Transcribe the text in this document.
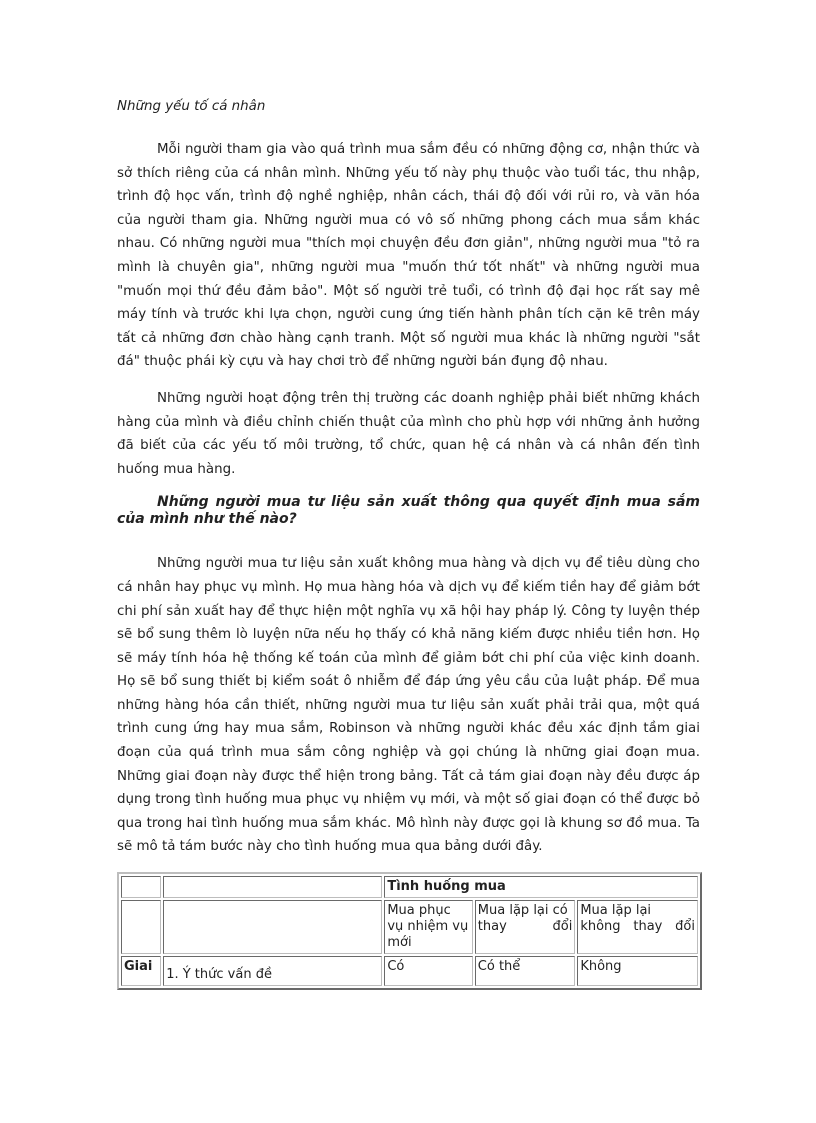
Những yếu tố cá nhân

Mỗi người tham gia vào quá trình mua sắm đều có những động cơ, nhận thức và sở thích riêng của cá nhân mình. Những yếu tố này phụ thuộc vào tuổi tác, thu nhập, trình độ học vấn, trình độ nghề nghiệp, nhân cách, thái độ đối với rủi ro, và văn hóa của người tham gia. Những người mua có vô số những phong cách mua sắm khác nhau. Có những người mua "thích mọi chuyện đều đơn giản", những người mua "tỏ ra mình là chuyên gia", những người mua "muốn thứ tốt nhất" và những người mua "muốn mọi thứ đều đảm bảo". Một số người trẻ tuổi, có trình độ đại học rất say mê máy tính và trước khi lựa chọn, người cung ứng tiến hành phân tích cặn kẽ trên máy tất cả những đơn chào hàng cạnh tranh. Một số người mua khác là những người "sắt đá" thuộc phái kỳ cựu và hay chơi trò để những người bán đụng độ nhau.

Những người hoạt động trên thị trường các doanh nghiệp phải biết những khách hàng của mình và điều chỉnh chiến thuật của mình cho phù hợp với những ảnh hưởng đã biết của các yếu tố môi trường, tổ chức, quan hệ cá nhân và cá nhân đến tình huống mua hàng.

Những người mua tư liệu sản xuất thông qua quyết định mua sắm của mình như thế nào?

Những người mua tư liệu sản xuất không mua hàng và dịch vụ để tiêu dùng cho cá nhân hay phục vụ mình. Họ mua hàng hóa và dịch vụ để kiếm tiền hay để giảm bớt chi phí sản xuất hay để thực hiện một nghĩa vụ xã hội hay pháp lý. Công ty luyện thép sẽ bổ sung thêm lò luyện nữa nếu họ thấy có khả năng kiếm được nhiều tiền hơn. Họ sẽ máy tính hóa hệ thống kế toán của mình để giảm bớt chi phí của việc kinh doanh. Họ sẽ bổ sung thiết bị kiểm soát ô nhiễm để đáp ứng yêu cầu của luật pháp. Để mua những hàng hóa cần thiết, những người mua tư liệu sản xuất phải trải qua, một quá trình cung ứng hay mua sắm, Robinson và những người khác đều xác định tầm giai đoạn của quá trình mua sắm công nghiệp và gọi chúng là những giai đoạn mua. Những giai đoạn này được thể hiện trong bảng. Tất cả tám giai đoạn này đều được áp dụng trong tình huống mua phục vụ nhiệm vụ mới, và một số giai đoạn có thể được bỏ qua trong hai tình huống mua sắm khác. Mô hình này được gọi là khung sơ đồ mua. Ta sẽ mô tả tám bước này cho tình huống mua qua bảng dưới đây.

		Tình huống mua		
		Mua phục vụ nhiệm vụ mới	Mua lặp lại có thay đổi	Mua lặp lại không thay đổi
Giai	1. Ý thức vấn đề	Có	Có thể	Không
